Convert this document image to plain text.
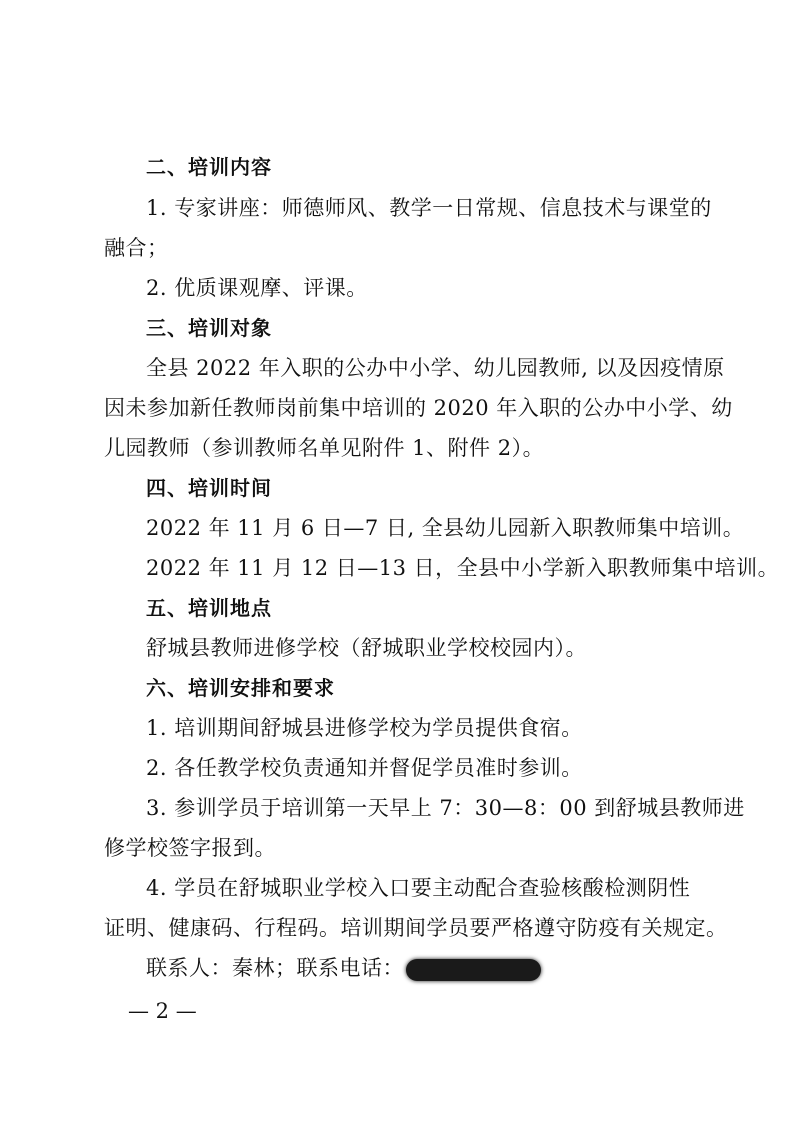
二、培训内容
1. 专家讲座：师德师风、教学一日常规、信息技术与课堂的
融合；
2. 优质课观摩、评课。
三、培训对象
全县 2022 年入职的公办中小学、幼儿园教师, 以及因疫情原
因未参加新任教师岗前集中培训的 2020 年入职的公办中小学、幼
儿园教师（参训教师名单见附件 1、附件 2）。
四、培训时间
2022 年 11 月 6 日—7 日, 全县幼儿园新入职教师集中培训。
2022 年 11 月 12 日—13 日，全县中小学新入职教师集中培训。
五、培训地点
舒城县教师进修学校（舒城职业学校校园内）。
六、培训安排和要求
1. 培训期间舒城县进修学校为学员提供食宿。
2. 各任教学校负责通知并督促学员准时参训。
3. 参训学员于培训第一天早上 7：30—8：00 到舒城县教师进
修学校签字报到。
4. 学员在舒城职业学校入口要主动配合查验核酸检测阴性
证明、健康码、行程码。培训期间学员要严格遵守防疫有关规定。
联系人：秦林；联系电话：
— 2 —
